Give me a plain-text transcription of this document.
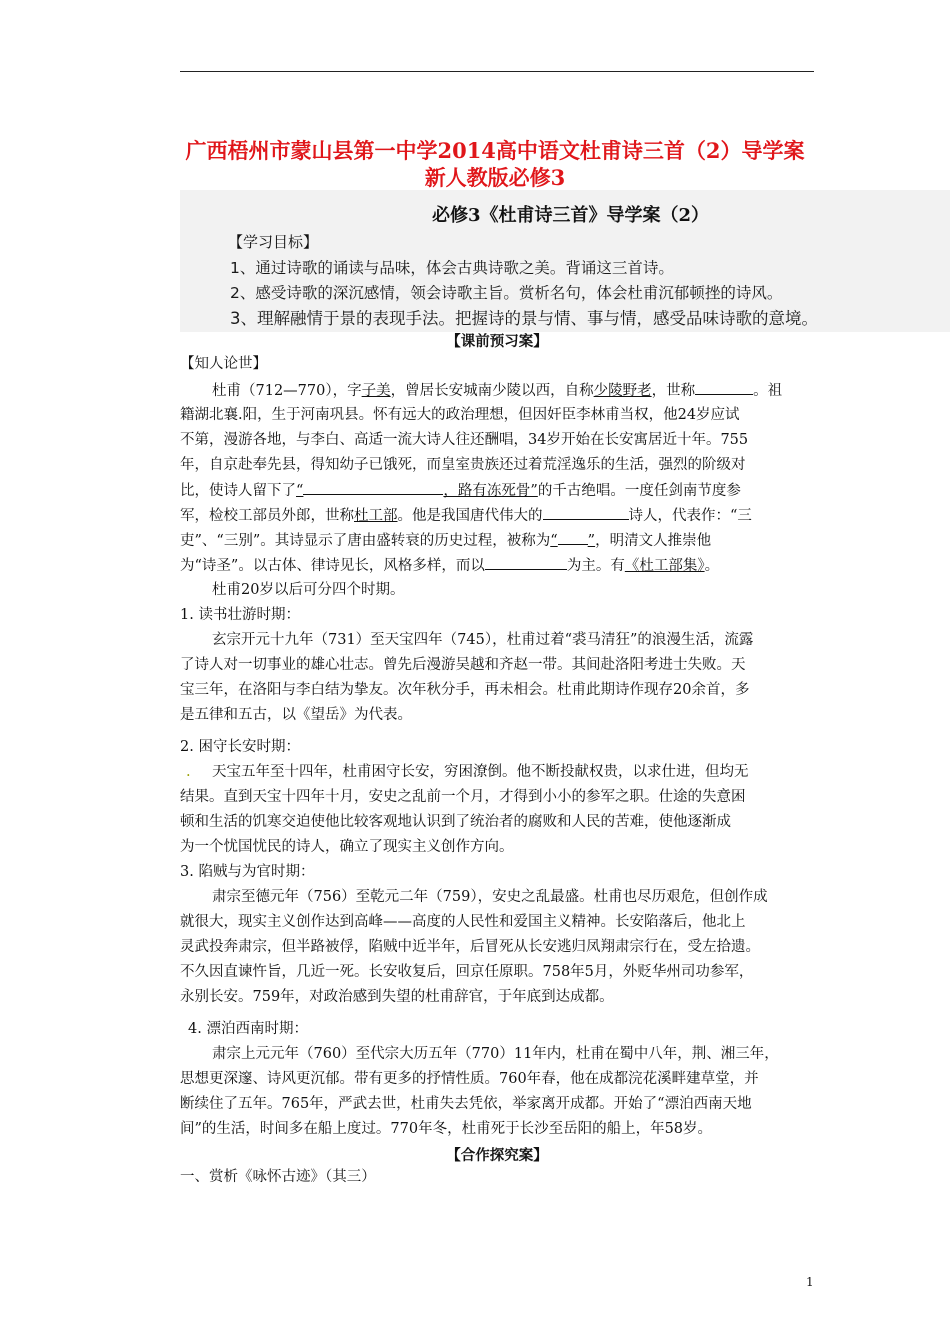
广西梧州市蒙山县第一中学2014高中语文杜甫诗三首（2）导学案
新人教版必修3
必修3《杜甫诗三首》导学案（2）
【学习目标】
1、通过诗歌的诵读与品味，体会古典诗歌之美。背诵这三首诗。
2、感受诗歌的深沉感情，领会诗歌主旨。赏析名句，体会杜甫沉郁顿挫的诗风。
3、理解融情于景的表现手法。把握诗的景与情、事与情，感受品味诗歌的意境。
【课前预习案】
【知人论世】
杜甫（712—770），字子美，曾居长安城南少陵以西，自称少陵野老，世称	。祖
籍湖北襄.阳，生于河南巩县。怀有远大的政治理想，但因奸臣李林甫当权，他24岁应试
不第，漫游各地，与李白、高适一流大诗人往还酬唱，34岁开始在长安寓居近十年。755
年，自京赴奉先县，得知幼子已饿死，而皇室贵族还过着荒淫逸乐的生活，强烈的阶级对
比，使诗人留下了“	，路有冻死骨”的千古绝唱。一度任剑南节度参
军，检校工部员外郎，世称杜工部。他是我国唐代伟大的	诗人，代表作：“三
吏”、“三别”。其诗显示了唐由盛转衰的历史过程，被称为“ ”，明清文人推崇他
为“诗圣”。以古体、律诗见长，风格多样，而以	为主。有《杜工部集》。
杜甫20岁以后可分四个时期。
1. 读书壮游时期：
玄宗开元十九年（731）至天宝四年（745），杜甫过着“裘马清狂”的浪漫生活，流露
了诗人对一切事业的雄心壮志。曾先后漫游吴越和齐赵一带。其间赴洛阳考进士失败。天
宝三年，在洛阳与李白结为挚友。次年秋分手，再未相会。杜甫此期诗作现存20余首，多
是五律和五古，以《望岳》为代表。
2. 困守长安时期：
. 天宝五年至十四年，杜甫困守长安，穷困潦倒。他不断投献权贵，以求仕进，但均无
结果。直到天宝十四年十月，安史之乱前一个月，才得到小小的参军之职。仕途的失意困
顿和生活的饥寒交迫使他比较客观地认识到了统治者的腐败和人民的苦难，使他逐渐成
为一个忧国忧民的诗人，确立了现实主义创作方向。
3. 陷贼与为官时期：
肃宗至德元年（756）至乾元二年（759），安史之乱最盛。杜甫也尽历艰危，但创作成
就很大，现实主义创作达到高峰——高度的人民性和爱国主义精神。长安陷落后，他北上
灵武投奔肃宗，但半路被俘，陷贼中近半年，后冒死从长安逃归凤翔肃宗行在，受左拾遗。
不久因直谏忤旨，几近一死。长安收复后，回京任原职。758年5月，外贬华州司功参军，
永别长安。759年，对政治感到失望的杜甫辞官，于年底到达成都。
4. 漂泊西南时期：
肃宗上元元年（760）至代宗大历五年（770）11年内，杜甫在蜀中八年，荆、湘三年，
思想更深邃、诗风更沉郁。带有更多的抒情性质。760年春，他在成都浣花溪畔建草堂，并
断续住了五年。765年，严武去世，杜甫失去凭依，举家离开成都。开始了“漂泊西南天地
间”的生活，时间多在船上度过。770年冬，杜甫死于长沙至岳阳的船上，年58岁。
【合作探究案】
一、赏析《咏怀古迹》（其三）
1
